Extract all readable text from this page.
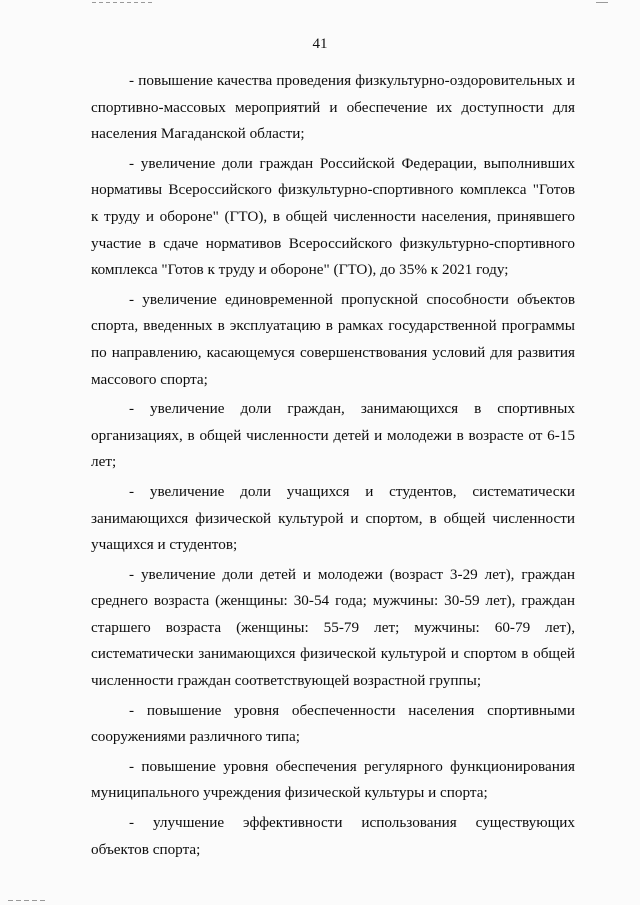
41

- повышение качества проведения физкультурно-оздоровительных и спортивно-массовых мероприятий и обеспечение их доступности для населения Магаданской области;

- увеличение доли граждан Российской Федерации, выполнивших нормативы Всероссийского физкультурно-спортивного комплекса "Готов к труду и обороне" (ГТО), в общей численности населения, принявшего участие в сдаче нормативов Всероссийского физкультурно-спортивного комплекса "Готов к труду и обороне" (ГТО), до 35% к 2021 году;

- увеличение единовременной пропускной способности объектов спорта, введенных в эксплуатацию в рамках государственной программы по направлению, касающемуся совершенствования условий для развития массового спорта;

- увеличение доли граждан, занимающихся в спортивных организациях, в общей численности детей и молодежи в возрасте от 6-15 лет;

- увеличение доли учащихся и студентов, систематически занимающихся физической культурой и спортом, в общей численности учащихся и студентов;

- увеличение доли детей и молодежи (возраст 3-29 лет), граждан среднего возраста (женщины: 30-54 года; мужчины: 30-59 лет), граждан старшего возраста (женщины: 55-79 лет; мужчины: 60-79 лет), систематически занимающихся физической культурой и спортом в общей численности граждан соответствующей возрастной группы;

- повышение уровня обеспеченности населения спортивными сооружениями различного типа;

- повышение уровня обеспечения регулярного функционирования муниципального учреждения физической культуры и спорта;

- улучшение эффективности использования существующих объектов спорта;
